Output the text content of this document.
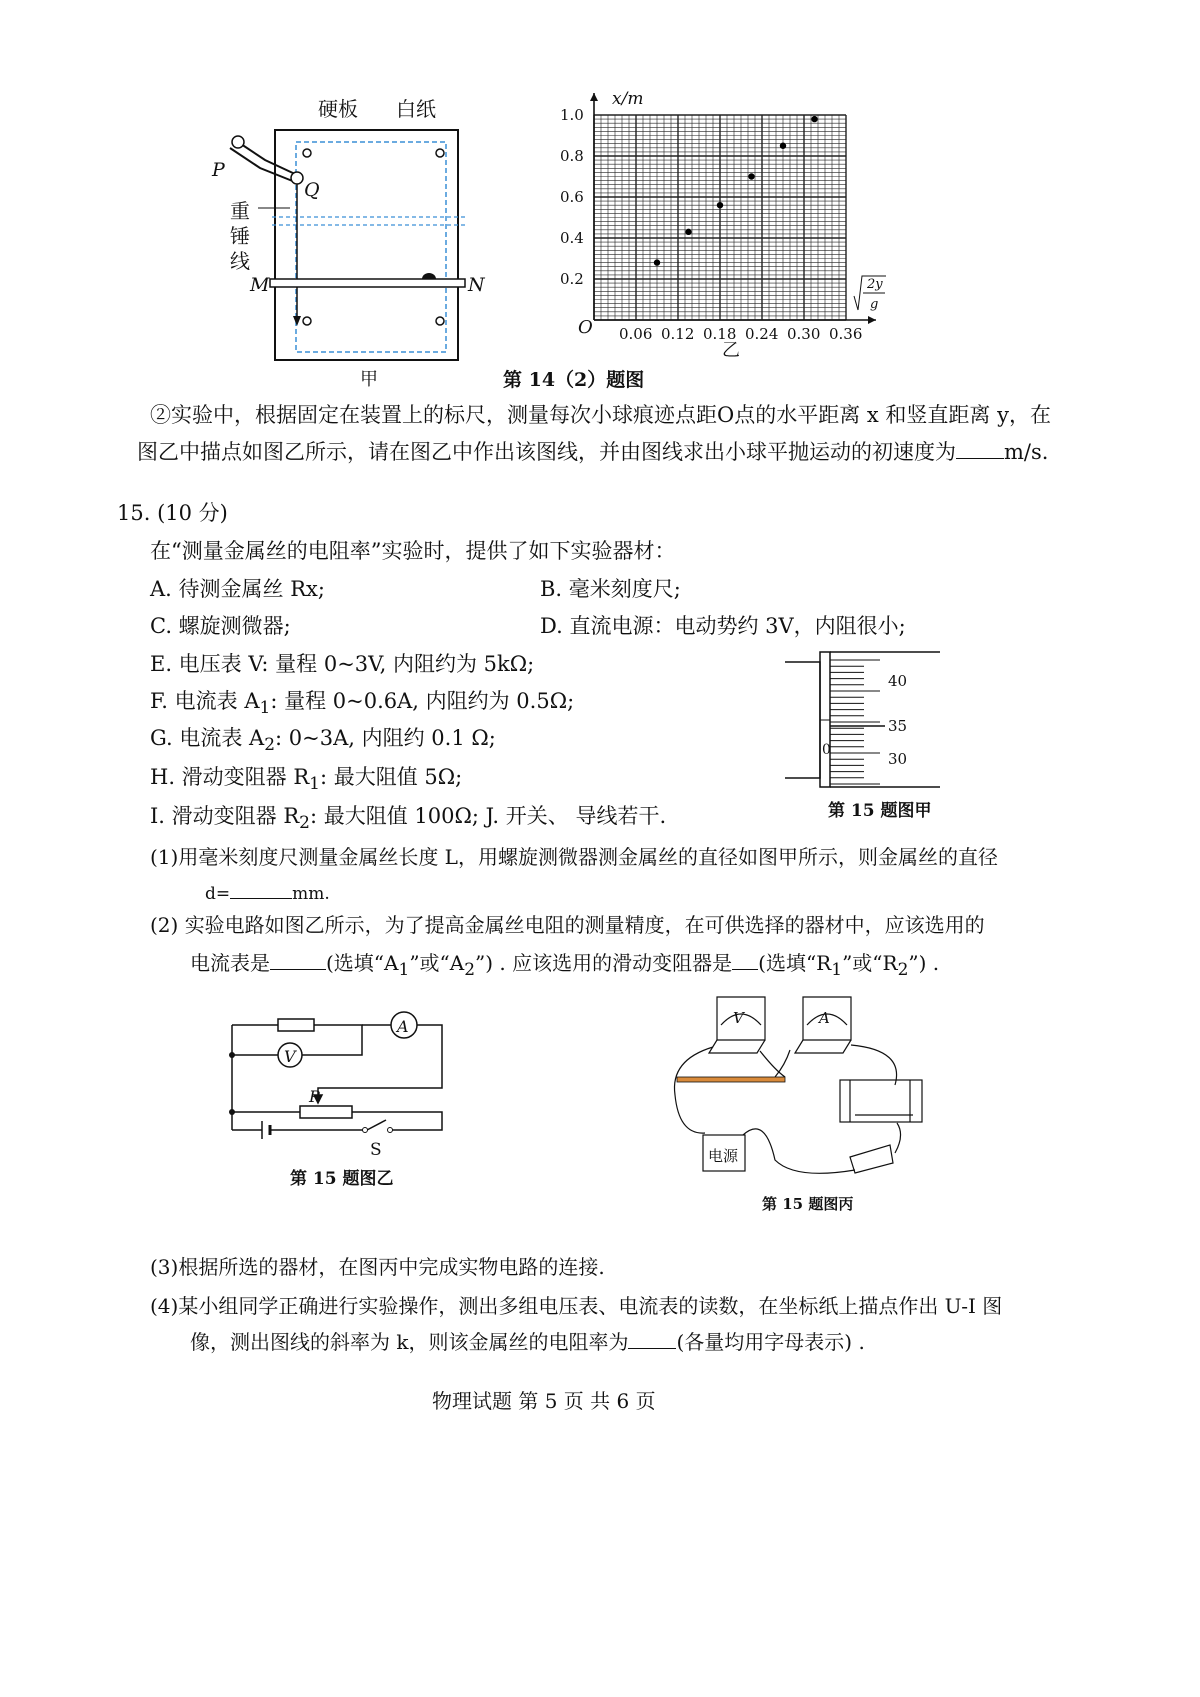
硬板 白纸
P
Q
M	N
重
锤
线
甲
0.06 0.12 0.18 0.24 0.30 0.36
0.2
0.4
0.6
0.8
1.0
x/m
O
2y
g
第 14（2）题图
乙
②实验中，根据固定在装置上的标尺，测量每次小球痕迹点距O点的水平距离 x 和竖直距离 y，在
图乙中描点如图乙所示，请在图乙中作出该图线，并由图线求出小球平抛运动的初速度为 m/s.
15. (10 分)
在“测量金属丝的电阻率”实验时，提供了如下实验器材：
A. 待测金属丝 Rx;	B. 毫米刻度尺;
C. 螺旋测微器;	D. 直流电源：电动势约 3V，内阻很小;
E. 电压表 V: 量程 0~3V, 内阻约为 5kΩ;
F. 电流表 $A_1$: 量程 0~0.6A, 内阻约为 0.5Ω;
G. 电流表 $A_2$: 0~3A, 内阻约 0.1 Ω;
H. 滑动变阻器 $R_1$: 最大阻值 5Ω;
I. 滑动变阻器 $R_2$: 最大阻值 100Ω; J. 开关、 导线若干.
40
35
30
0
第 15 题图甲
(1)用毫米刻度尺测量金属丝长度 L，用螺旋测微器测金属丝的直径如图甲所示，则金属丝的直径
d=	mm.
(2) 实验电路如图乙所示，为了提高金属丝电阻的测量精度，在可供选择的器材中，应该选用的
电流表是	(选填“$A_1$”或“$A_2$”) . 应该选用的滑动变阻器是 (选填“$R_1$”或“$R_2$”) .
V
A
P
S
第 15 题图乙
V	A
电源
第 15 题图丙
(3)根据所选的器材，在图丙中完成实物电路的连接.
(4)某小组同学正确进行实验操作，测出多组电压表、电流表的读数，在坐标纸上描点作出 U-I 图
像，测出图线的斜率为 k，则该金属丝的电阻率为 (各量均用字母表示) .
物理试题 第 5 页 共 6 页
